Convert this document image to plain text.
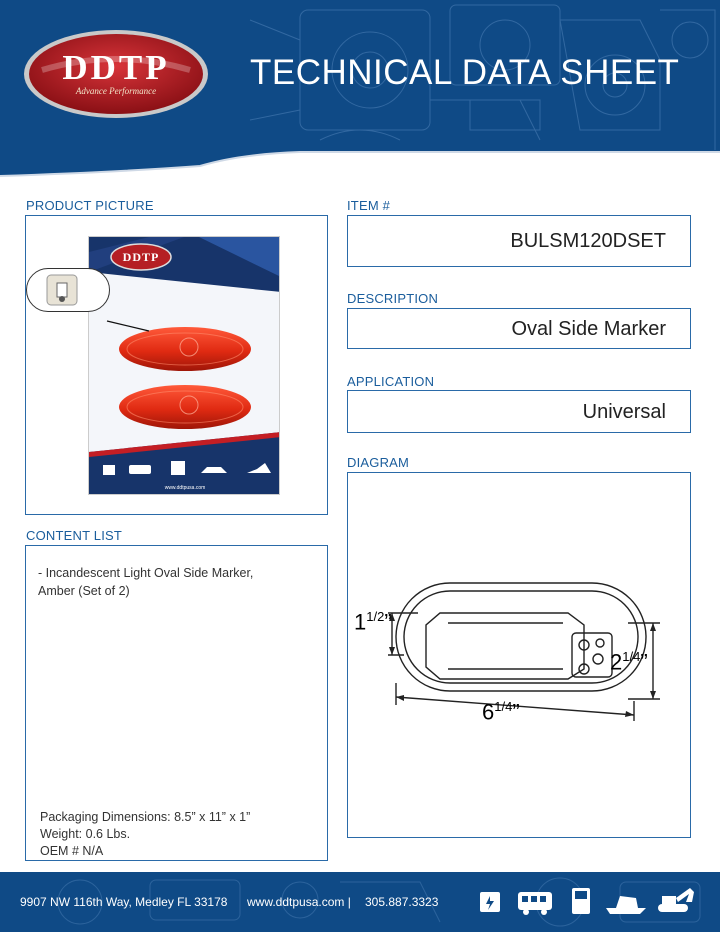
DDTP
Advance Performance	TECHNICAL DATA SHEET
PRODUCT PICTURE
DDTP
www.ddtpusa.com
CONTENT LIST
- Incandescent Light Oval Side Marker,
Amber (Set of 2)
Packaging Dimensions: 8.5” x 11” x 1”
Weight: 0.6 Lbs.
OEM # N/A
ITEM #
BULSM120DSET
DESCRIPTION
Oval Side Marker
APPLICATION
Universal
DIAGRAM
$1^{1/2}$”
$2^{1/4}$”
$6^{1/4}$”
9907 NW 116th Way, Medley FL 33178 www.ddtpusa.com | 305.887.3323
